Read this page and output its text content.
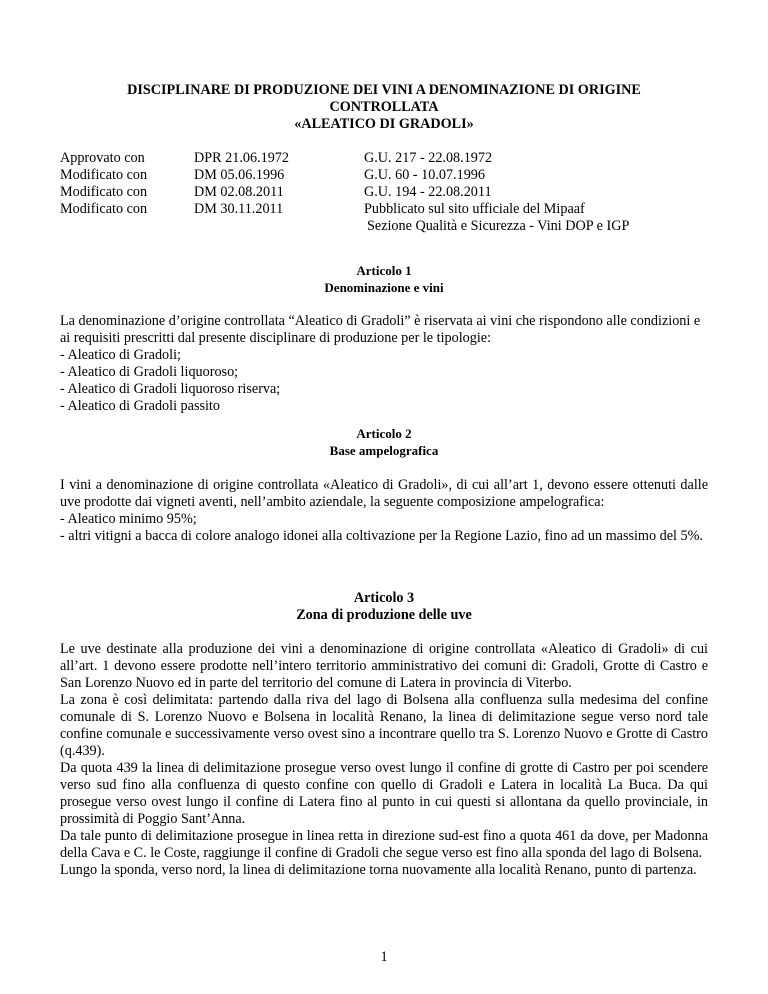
DISCIPLINARE DI PRODUZIONE DEI VINI A DENOMINAZIONE DI ORIGINE
CONTROLLATA
«ALEATICO DI GRADOLI»
Approvato con	DPR 21.06.1972	G.U. 217 - 22.08.1972
Modificato con	DM 05.06.1996	G.U. 60 - 10.07.1996
Modificato con	DM 02.08.2011	G.U. 194 - 22.08.2011
Modificato con	DM 30.11.2011	Pubblicato sul sito ufficiale del Mipaaf
Sezione Qualità e Sicurezza - Vini DOP e IGP
Articolo 1
Denominazione e vini

La denominazione d’origine controllata “Aleatico di Gradoli” è riservata ai vini che rispondono alle condizioni e ai requisiti prescritti dal presente disciplinare di produzione per le tipologie:

- Aleatico di Gradoli;

- Aleatico di Gradoli liquoroso;

- Aleatico di Gradoli liquoroso riserva;

- Aleatico di Gradoli passito

Articolo 2
Base ampelografica

I vini a denominazione di origine controllata «Aleatico di Gradoli», di cui all’art 1, devono essere ottenuti dalle uve prodotte dai vigneti aventi, nell’ambito aziendale, la seguente composizione ampelografica:

- Aleatico minimo 95%;

- altri vitigni a bacca di colore analogo idonei alla coltivazione per la Regione Lazio, fino ad un massimo del 5%.

Articolo 3
Zona di produzione delle uve

Le uve destinate alla produzione dei vini a denominazione di origine controllata «Aleatico di Gradoli» di cui all’art. 1 devono essere prodotte nell’intero territorio amministrativo dei comuni di: Gradoli, Grotte di Castro e San Lorenzo Nuovo ed in parte del territorio del comune di Latera in provincia di Viterbo.

La zona è così delimitata: partendo dalla riva del lago di Bolsena alla confluenza sulla medesima del confine comunale di S. Lorenzo Nuovo e Bolsena in località Renano, la linea di delimitazione segue verso nord tale confine comunale e successivamente verso ovest sino a incontrare quello tra S. Lorenzo Nuovo e Grotte di Castro (q.439).

Da quota 439 la linea di delimitazione prosegue verso ovest lungo il confine di grotte di Castro per poi scendere verso sud fino alla confluenza di questo confine con quello di Gradoli e Latera in località La Buca. Da qui prosegue verso ovest lungo il confine di Latera fino al punto in cui questi si allontana da quello provinciale, in prossimità di Poggio Sant’Anna.

Da tale punto di delimitazione prosegue in linea retta in direzione sud-est fino a quota 461 da dove, per Madonna della Cava e C. le Coste, raggiunge il confine di Gradoli che segue verso est fino alla sponda del lago di Bolsena.

Lungo la sponda, verso nord, la linea di delimitazione torna nuovamente alla località Renano, punto di partenza.

1
